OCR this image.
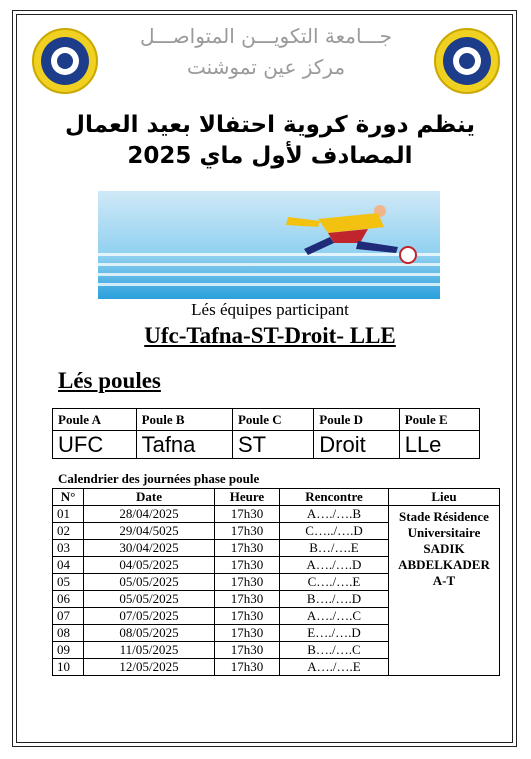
جـــامعة التكويـــن المتواصـــل
مركز عين تموشنت
ينظم دورة كروية احتفالا بعيد العمال
المصادف لأول ماي 2025
Lés équipes participant
Ufc-Tafna-ST-Droit- LLE
Lés poules
Poule A	Poule B	Poule C	Poule D	Poule E
UFC	Tafna	ST	Droit	LLe
Calendrier des journées phase poule
N°	Date	Heure	Rencontre	Lieu
01	28/04/2025	17h30	A…./….B	Stade Résidence
Universitaire
SADIK
ABDELKADER
A-T

02	29/04/5025	17h30	C…../….D	
03	30/04/2025	17h30	B…/….E	
04	04/05/2025	17h30	A…./….D	
05	05/05/2025	17h30	C…./….E	
06	05/05/2025	17h30	B…./….D	
07	07/05/2025	17h30	A…./….C	
08	08/05/2025	17h30	E…./….D	
09	11/05/2025	17h30	B…./….C	
10	12/05/2025	17h30	A…./….E	
